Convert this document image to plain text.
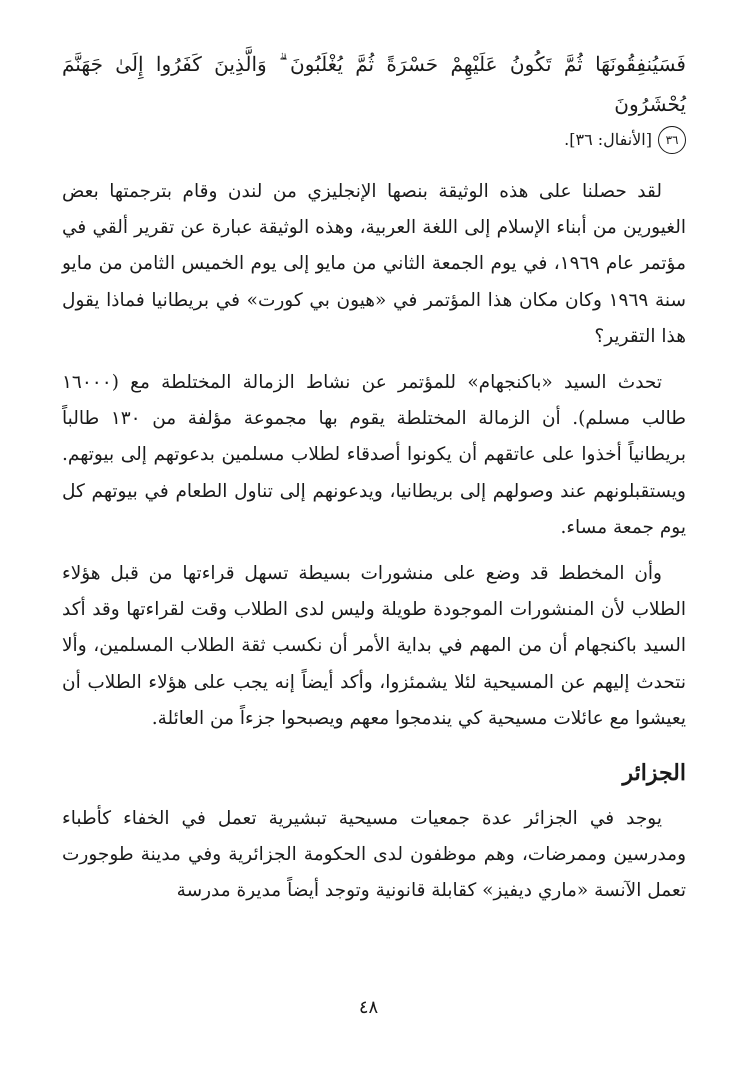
فَسَيُنفِقُونَهَا ثُمَّ تَكُونُ عَلَيْهِمْ حَسْرَةً ثُمَّ يُغْلَبُونَ ۗ وَالَّذِينَ كَفَرُوا إِلَىٰ جَهَنَّمَ يُحْشَرُونَ

٣٦
[الأنفال: ٣٦].

لقد حصلنا على هذه الوثيقة بنصها الإنجليزي من لندن وقام بترجمتها بعض الغيورين من أبناء الإسلام إلى اللغة العربية، وهذه الوثيقة عبارة عن تقرير ألقي في مؤتمر عام ١٩٦٩، في يوم الجمعة الثاني من مايو إلى يوم الخميس الثامن من مايو سنة ١٩٦٩ وكان مكان هذا المؤتمر في «هيون بي كورت» في بريطانيا فماذا يقول هذا التقرير؟

تحدث السيد «باكنجهام» للمؤتمر عن نشاط الزمالة المختلطة مع (١٦٠٠٠ طالب مسلم). أن الزمالة المختلطة يقوم بها مجموعة مؤلفة من ١٣٠ طالباً بريطانياً أخذوا على عاتقهم أن يكونوا أصدقاء لطلاب مسلمين بدعوتهم إلى بيوتهم. ويستقبلونهم عند وصولهم إلى بريطانيا، ويدعونهم إلى تناول الطعام في بيوتهم كل يوم جمعة مساء.

وأن المخطط قد وضع على منشورات بسيطة تسهل قراءتها من قبل هؤلاء الطلاب لأن المنشورات الموجودة طويلة وليس لدى الطلاب وقت لقراءتها وقد أكد السيد باكنجهام أن من المهم في بداية الأمر أن نكسب ثقة الطلاب المسلمين، وألا نتحدث إليهم عن المسيحية لئلا يشمئزوا، وأكد أيضاً إنه يجب على هؤلاء الطلاب أن يعيشوا مع عائلات مسيحية كي يندمجوا معهم ويصبحوا جزءاً من العائلة.

الجزائر

يوجد في الجزائر عدة جمعيات مسيحية تبشيرية تعمل في الخفاء كأطباء ومدرسين وممرضات، وهم موظفون لدى الحكومة الجزائرية وفي مدينة طوجورت تعمل الآنسة «ماري ديفيز» كقابلة قانونية وتوجد أيضاً مديرة مدرسة

٤٨
